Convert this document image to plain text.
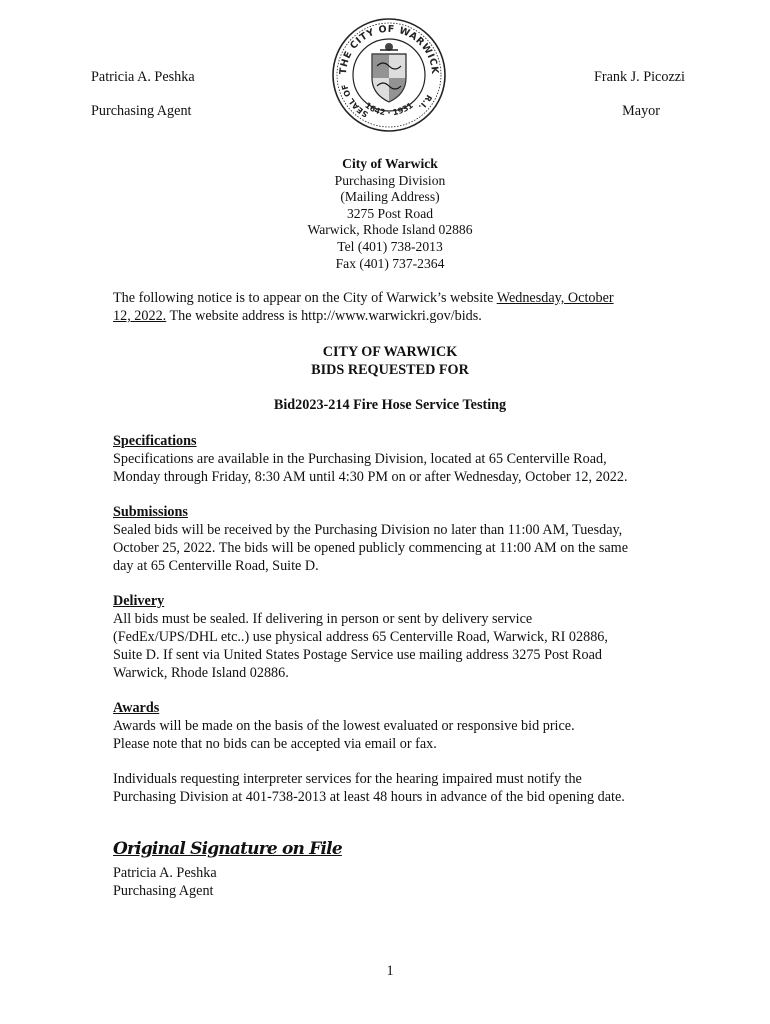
Patricia A. Peshka
Purchasing Agent
Frank J. Picozzi
Mayor
THE CITY OF WARWICK
SEAL OF
R.I.
1642 · 1931
City of Warwick
Purchasing Division
(Mailing Address)
3275 Post Road
Warwick, Rhode Island 02886
Tel (401) 738-2013
Fax (401) 737-2364
The following notice is to appear on the City of Warwick’s website Wednesday, October
12, 2022. The website address is http://www.warwickri.gov/bids.
CITY OF WARWICK
BIDS REQUESTED FOR
Bid2023-214 Fire Hose Service Testing
Specifications
Specifications are available in the Purchasing Division, located at 65 Centerville Road,
Monday through Friday, 8:30 AM until 4:30 PM on or after Wednesday, October 12, 2022.
Submissions
Sealed bids will be received by the Purchasing Division no later than 11:00 AM, Tuesday,
October 25, 2022. The bids will be opened publicly commencing at 11:00 AM on the same
day at 65 Centerville Road, Suite D.
Delivery
All bids must be sealed. If delivering in person or sent by delivery service
(FedEx/UPS/DHL etc..) use physical address 65 Centerville Road, Warwick, RI 02886,
Suite D. If sent via United States Postage Service use mailing address 3275 Post Road
Warwick, Rhode Island 02886.
Awards
Awards will be made on the basis of the lowest evaluated or responsive bid price.
Please note that no bids can be accepted via email or fax.
Individuals requesting interpreter services for the hearing impaired must notify the
Purchasing Division at 401-738-2013 at least 48 hours in advance of the bid opening date.
Original Signature on File
Patricia A. Peshka
Purchasing Agent
1
